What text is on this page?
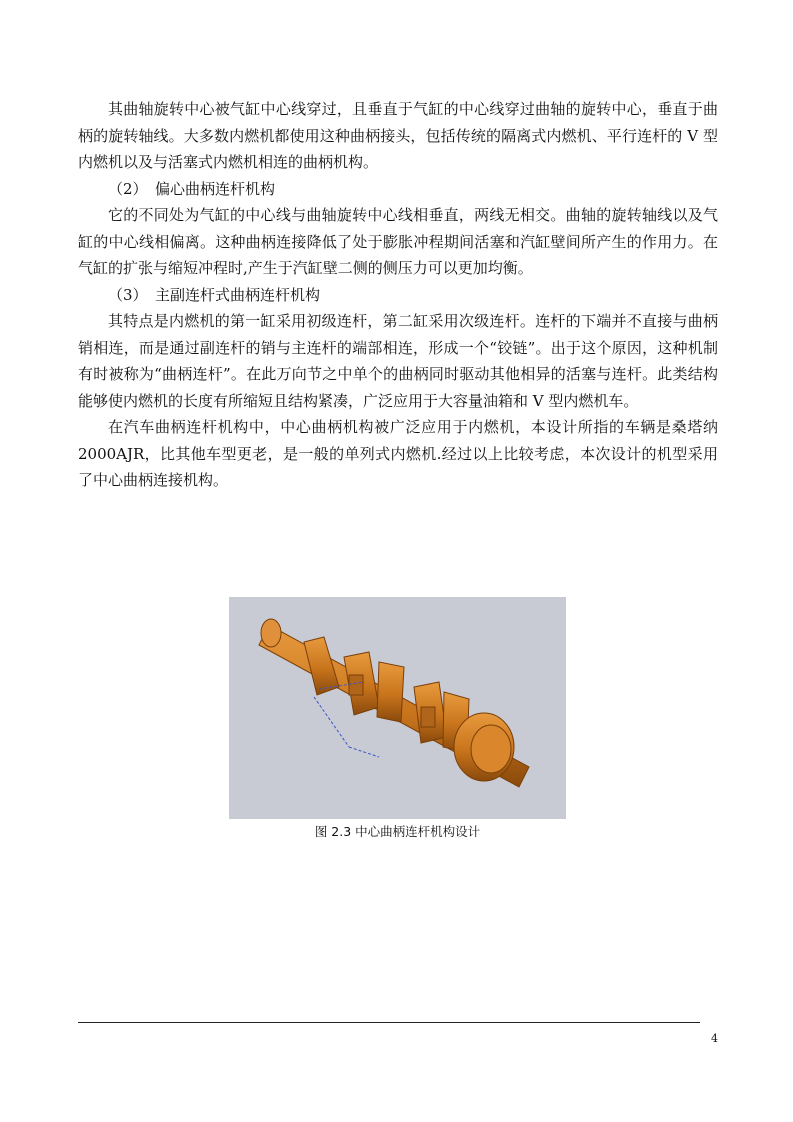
其曲轴旋转中心被气缸中心线穿过，且垂直于气缸的中心线穿过曲轴的旋转中心，垂直于曲柄的旋转轴线。大多数内燃机都使用这种曲柄接头，包括传统的隔离式内燃机、平行连杆的 V 型内燃机以及与活塞式内燃机相连的曲柄机构。

（2）　偏心曲柄连杆机构

它的不同处为气缸的中心线与曲轴旋转中心线相垂直，两线无相交。曲轴的旋转轴线以及气缸的中心线相偏离。这种曲柄连接降低了处于膨胀冲程期间活塞和汽缸壁间所产生的作用力。在气缸的扩张与缩短冲程时,产生于汽缸壁二侧的侧压力可以更加均衡。

（3）　主副连杆式曲柄连杆机构

其特点是内燃机的第一缸采用初级连杆，第二缸采用次级连杆。连杆的下端并不直接与曲柄销相连，而是通过副连杆的销与主连杆的端部相连，形成一个“铰链”。出于这个原因，这种机制有时被称为“曲柄连杆”。在此万向节之中单个的曲柄同时驱动其他相异的活塞与连杆。此类结构能够使内燃机的长度有所缩短且结构紧凑，广泛应用于大容量油箱和 V 型内燃机车。

在汽车曲柄连杆机构中，中心曲柄机构被广泛应用于内燃机，本设计所指的车辆是桑塔纳 2000AJR，比其他车型更老，是一般的单列式内燃机.经过以上比较考虑，本次设计的机型采用了中心曲柄连接机构。

图 2.3 中心曲柄连杆机构设计
4
